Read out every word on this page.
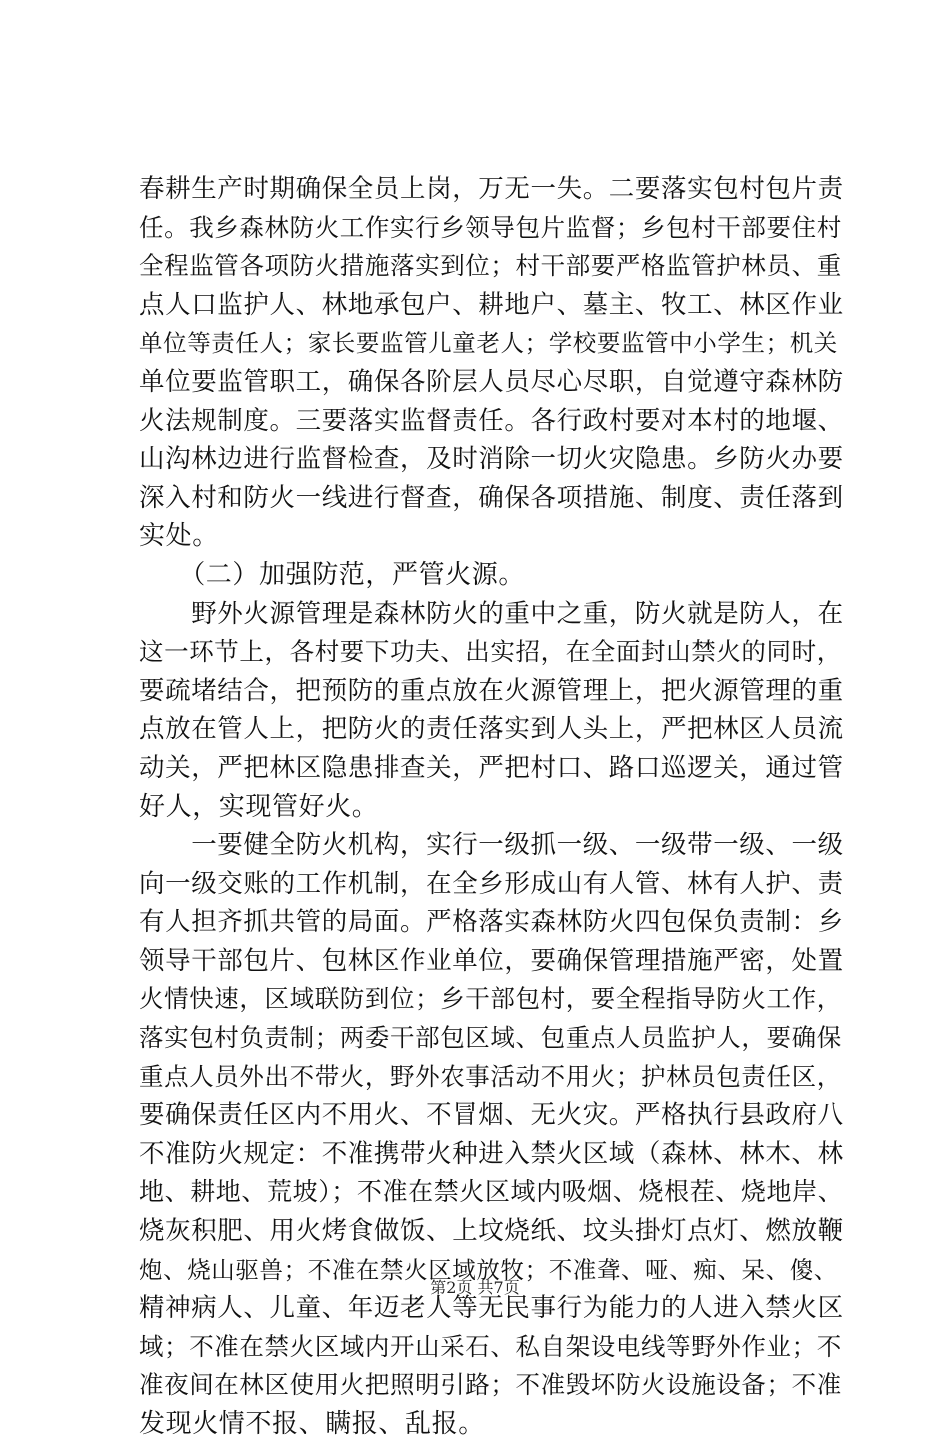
春耕生产时期确保全员上岗，万无一失。二要落实包村包片责
任。我乡森林防火工作实行乡领导包片监督；乡包村干部要住村
全程监管各项防火措施落实到位；村干部要严格监管护林员、重
点人口监护人、林地承包户、耕地户、墓主、牧工、林区作业
单位等责任人；家长要监管儿童老人；学校要监管中小学生；机关
单位要监管职工，确保各阶层人员尽心尽职，自觉遵守森林防
火法规制度。三要落实监督责任。各行政村要对本村的地堰、
山沟林边进行监督检查，及时消除一切火灾隐患。乡防火办要
深入村和防火一线进行督查，确保各项措施、制度、责任落到
实处。
　　（二）加强防范，严管火源。
　　野外火源管理是森林防火的重中之重，防火就是防人，在
这一环节上，各村要下功夫、出实招，在全面封山禁火的同时，
要疏堵结合，把预防的重点放在火源管理上，把火源管理的重
点放在管人上，把防火的责任落实到人头上，严把林区人员流
动关，严把林区隐患排查关，严把村口、路口巡逻关，通过管
好人，实现管好火。
　　一要健全防火机构，实行一级抓一级、一级带一级、一级
向一级交账的工作机制，在全乡形成山有人管、林有人护、责
有人担齐抓共管的局面。严格落实森林防火四包保负责制：乡
领导干部包片、包林区作业单位，要确保管理措施严密，处置
火情快速，区域联防到位；乡干部包村，要全程指导防火工作，
落实包村负责制；两委干部包区域、包重点人员监护人，要确保
重点人员外出不带火，野外农事活动不用火；护林员包责任区，
要确保责任区内不用火、不冒烟、无火灾。严格执行县政府八
不准防火规定：不准携带火种进入禁火区域（森林、林木、林
地、耕地、荒坡）；不准在禁火区域内吸烟、烧根茬、烧地岸、
烧灰积肥、用火烤食做饭、上坟烧纸、坟头掛灯点灯、燃放鞭
炮、烧山驱兽；不准在禁火区域放牧；不准聋、哑、痴、呆、傻、
精神病人、儿童、年迈老人等无民事行为能力的人进入禁火区
域；不准在禁火区域内开山采石、私自架设电线等野外作业；不
准夜间在林区使用火把照明引路；不准毁坏防火设施设备；不准
发现火情不报、瞒报、乱报。
第2页 共7页
